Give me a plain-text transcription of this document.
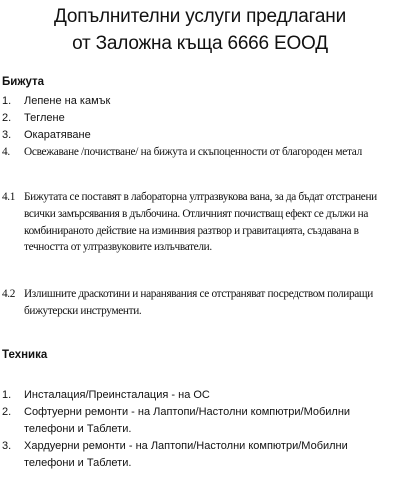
Допълнителни услуги предлагани
от Заложна къща 6666 ЕООД
Бижута
1. Лепене на камък
2. Теглене
3. Окаратяване
4.	Освежаване /почистване/ на бижута и скъпоценности от благороден метал
4.1 Бижутата се поставят в лабораторна ултразвукова вана, за да бъдат отстранени всички замърсявания в дълбочина. Отличният почистващ ефект се дължи на комбинираното действие на изминвия разтвор и гравитацията, създавана в течността от ултразвуковите излъчватели.
4.2 Излишните драскотини и наранявания се отстраняват посредством полиращи бижутерски инструменти.
Техника
1.	Инсталация/Преинсталация - на ОС
2.	Софтуерни ремонти - на Лаптопи/Настолни компютри/Мобилни телефони и Таблети.
3.	Хардуерни ремонти - на Лаптопи/Настолни компютри/Мобилни телефони и Таблети.
